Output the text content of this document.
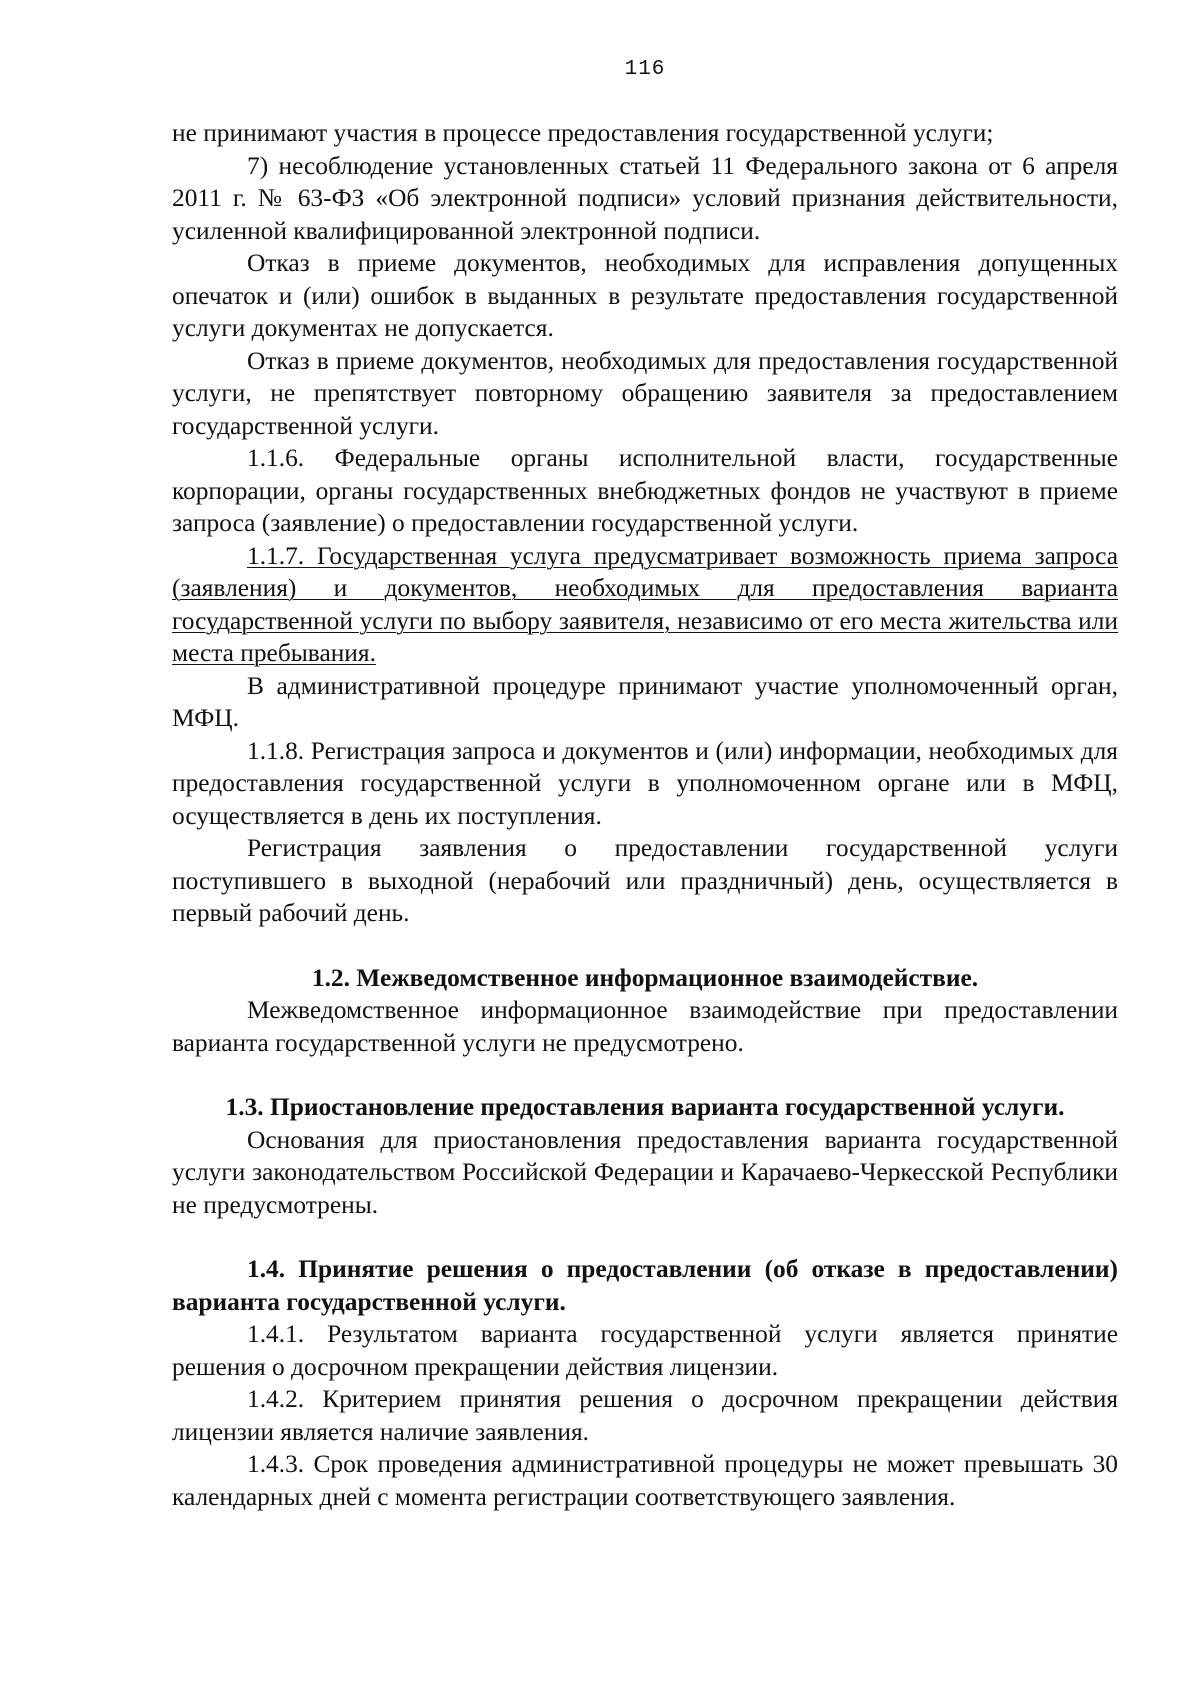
116

не принимают участия в процессе предоставления государственной услуги;

7) несоблюдение установленных статьей 11 Федерального закона от 6 апреля 2011 г. № 63-ФЗ «Об электронной подписи» условий признания действительности, усиленной квалифицированной электронной подписи.

Отказ в приеме документов, необходимых для исправления допущенных опечаток и (или) ошибок в выданных в результате предоставления государственной услуги документах не допускается.

Отказ в приеме документов, необходимых для предоставления государственной услуги, не препятствует повторному обращению заявителя за предоставлением государственной услуги.

1.1.6. Федеральные органы исполнительной власти, государственные корпорации, органы государственных внебюджетных фондов не участвуют в приеме запроса (заявление) о предоставлении государственной услуги.

1.1.7. Государственная услуга предусматривает возможность приема запроса (заявления) и документов, необходимых для предоставления варианта государственной услуги по выбору заявителя, независимо от его места жительства или места пребывания.

В административной процедуре принимают участие уполномоченный орган, МФЦ.

1.1.8. Регистрация запроса и документов и (или) информации, необходимых для предоставления государственной услуги в уполномоченном органе или в МФЦ, осуществляется в день их поступления.

Регистрация заявления о предоставлении государственной услуги поступившего в выходной (нерабочий или праздничный) день, осуществляется в первый рабочий день.

1.2. Межведомственное информационное взаимодействие.

Межведомственное информационное взаимодействие при предоставлении варианта государственной услуги не предусмотрено.

1.3. Приостановление предоставления варианта государственной услуги.

Основания для приостановления предоставления варианта государственной услуги законодательством Российской Федерации и Карачаево-Черкесской Республики не предусмотрены.

1.4. Принятие решения о предоставлении (об отказе в предоставлении) варианта государственной услуги.

1.4.1. Результатом варианта государственной услуги является принятие решения о досрочном прекращении действия лицензии.

1.4.2. Критерием принятия решения о досрочном прекращении действия лицензии является наличие заявления.

1.4.3. Срок проведения административной процедуры не может превышать 30 календарных дней с момента регистрации соответствующего заявления.
